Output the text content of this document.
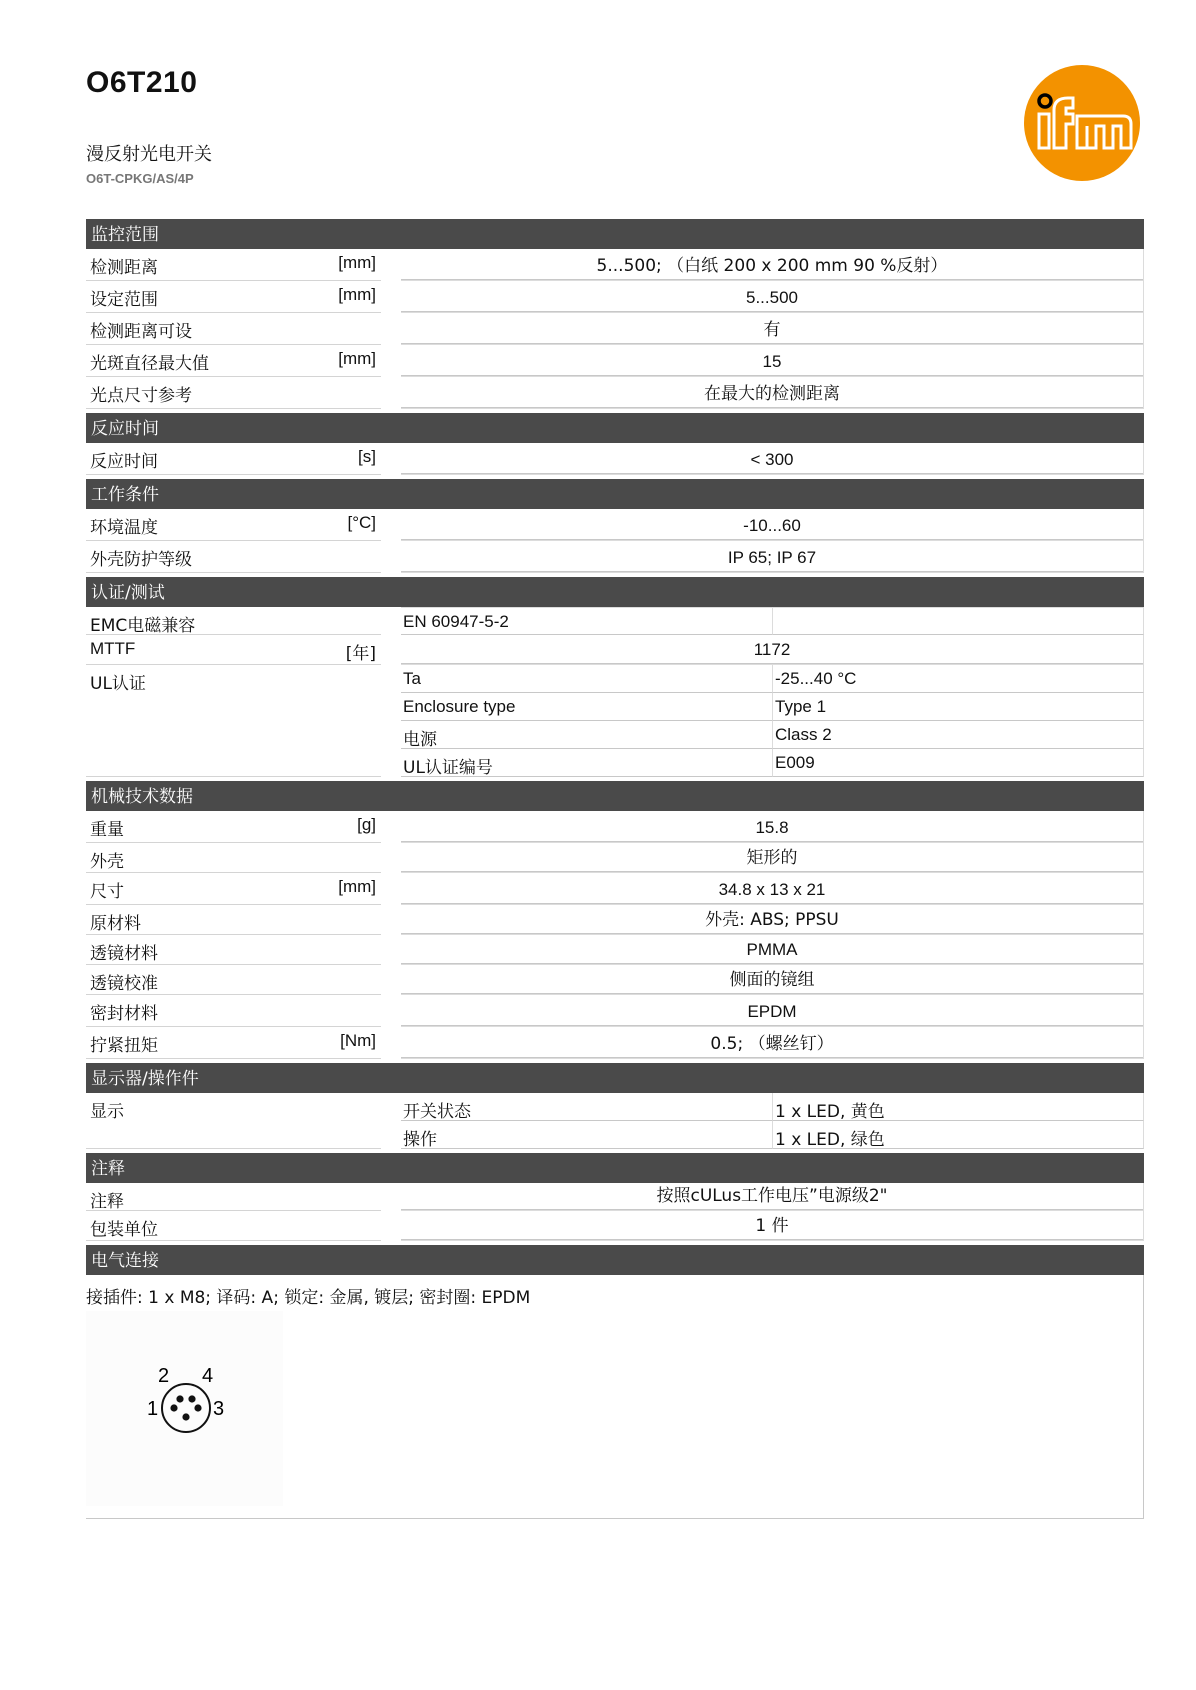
O6T210
漫反射光电开关
O6T-CPKG/AS/4P
监控范围
检测距离	[mm]	5...500; （白纸 200 x 200 mm 90 %反射）
设定范围	[mm]	5...500
检测距离可设	有
光斑直径最大值	[mm]	15
光点尺寸参考	在最大的检测距离
反应时间
反应时间	[s]	< 300
工作条件
环境温度	[°C]	-10...60
外壳防护等级	IP 65; IP 67
认证/测试
EMC电磁兼容	EN 60947-5-2
MTTF	[年]	1172
UL认证	Ta	-25...40 °C
Enclosure type	Type 1
电源	Class 2
UL认证编号	E009
机械技术数据
重量	[g]	15.8
外壳	矩形的
尺寸	[mm]	34.8 x 13 x 21
原材料	外壳: ABS; PPSU
透镜材料	PMMA
透镜校准	侧面的镜组
密封材料	EPDM
拧紧扭矩	[Nm]	0.5; （螺丝钉）
显示器/操作件
显示	开关状态	1 x LED, 黄色
操作	1 x LED, 绿色
注释
注释	按照cULus工作电压”电源级2"
包装单位	1 件
电气连接
接插件: 1 x M8; 译码: A; 锁定: 金属, 镀层; 密封圈: EPDM
1
2
3
4
